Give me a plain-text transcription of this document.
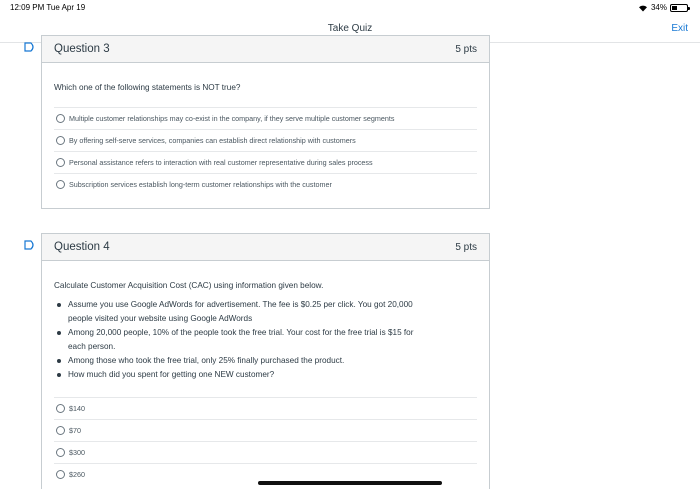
12:09 PM Tue Apr 19	34%
Take Quiz	Exit
Question 3	5 pts
Which one of the following statements is NOT true?
Multiple customer relationships may co-exist in the company, if they serve multiple customer segments
By offering self-serve services, companies can establish direct relationship with customers
Personal assistance refers to interaction with real customer representative during sales process
Subscription services establish long-term customer relationships with the customer
Question 4	5 pts
Calculate Customer Acquisition Cost (CAC) using information given below.
Assume you use Google AdWords for advertisement. The fee is $0.25 per click. You got 20,000
people visited your website using Google AdWords
Among 20,000 people, 10% of the people took the free trial. Your cost for the free trial is $15 for
each person.
Among those who took the free trial, only 25% finally purchased the product.
How much did you spent for getting one NEW customer?
$140
$70
$300
$260
